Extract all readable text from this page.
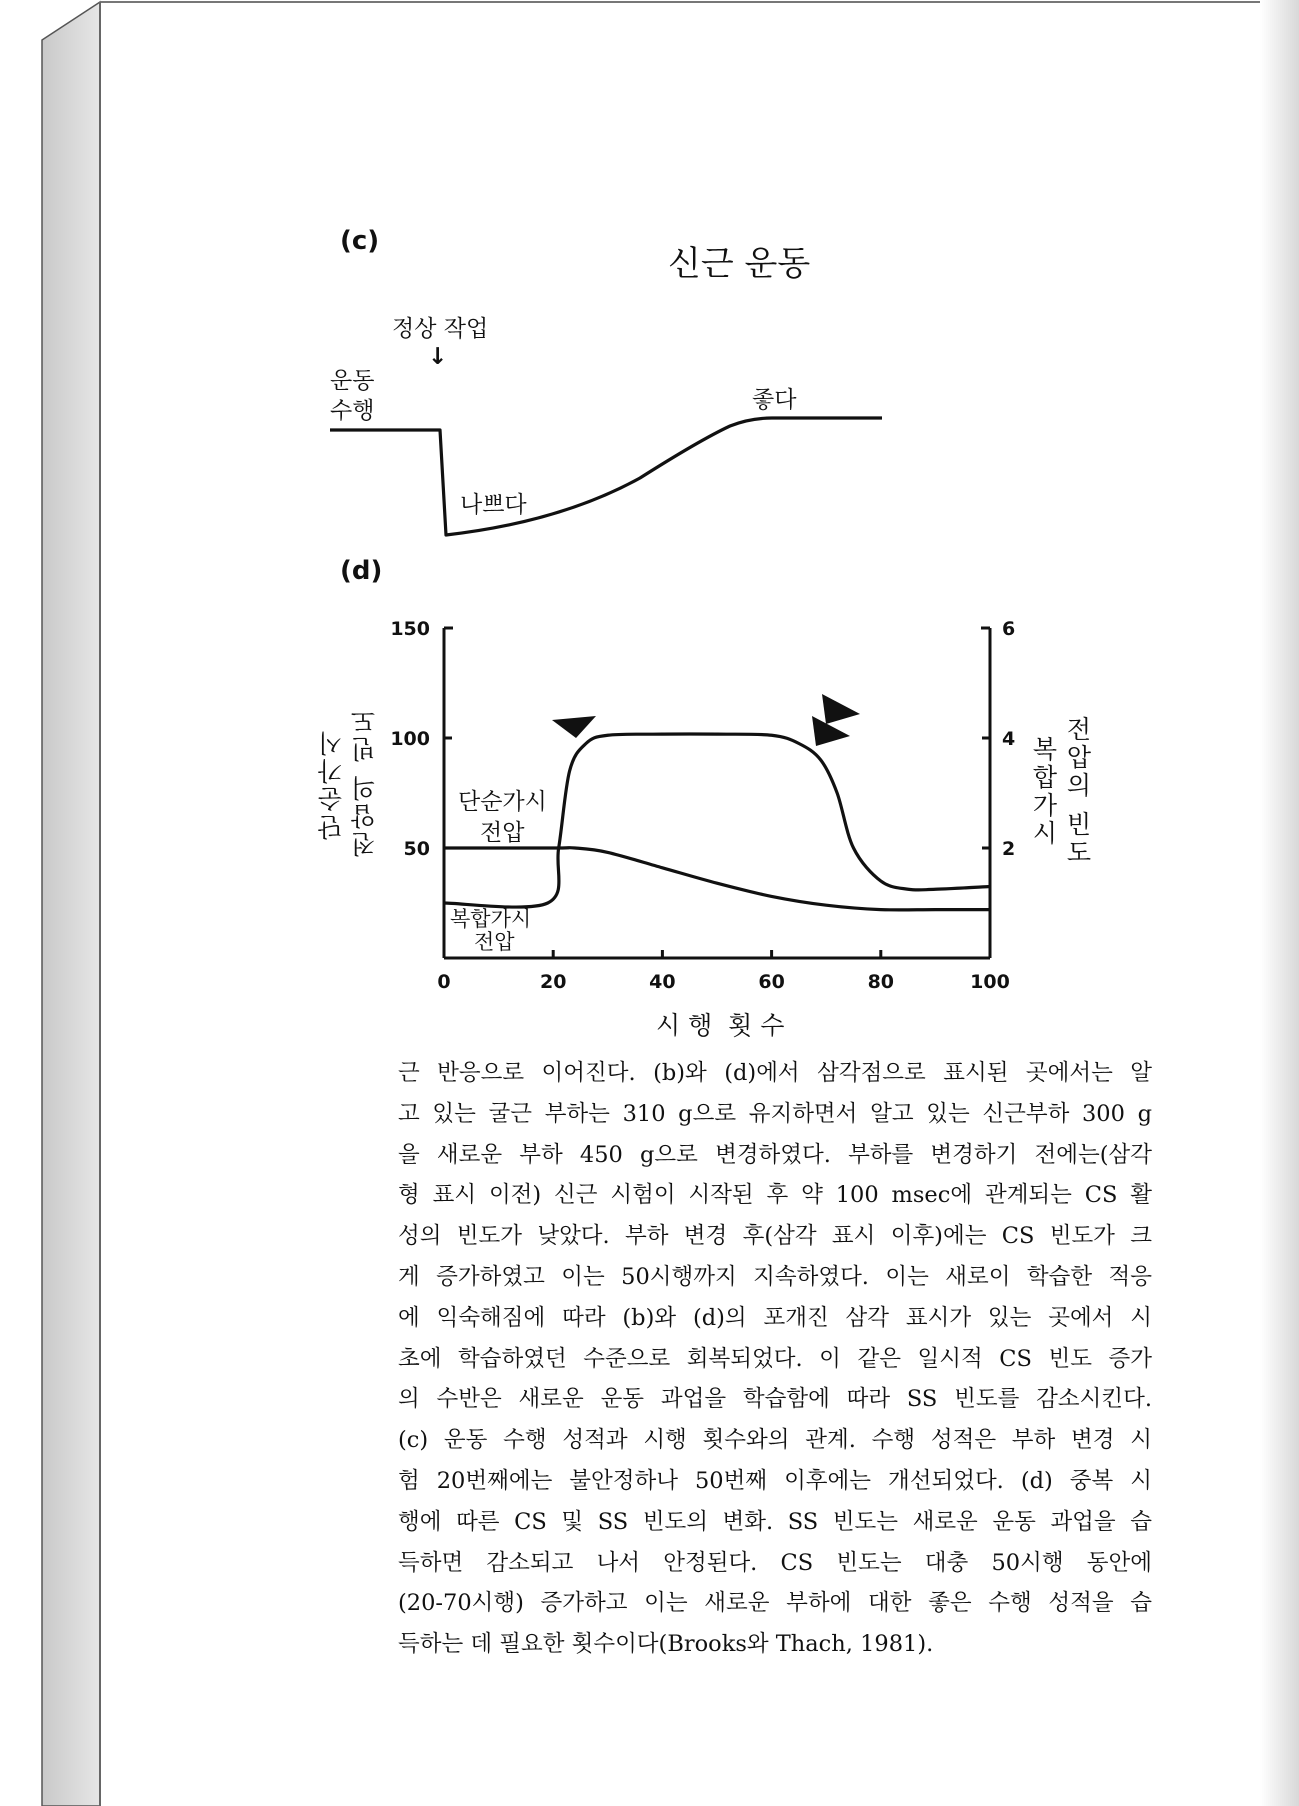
(c)
신근 운동
정상 작업
↓
운동
수행	좋다
나쁘다
(d)
단순가시 전압의 빈도	복합가시 전압의 빈도
단순가시
전압
복합가시
전압
시 행  횟 수
0	20	40	60	80	100
50
100
150
2
4
6
근 반응으로 이어진다. (b)와 (d)에서 삼각점으로 표시된 곳에서는 알
고 있는 굴근 부하는 310 g으로 유지하면서 알고 있는 신근부하 300 g
을 새로운 부하 450 g으로 변경하였다. 부하를 변경하기 전에는(삼각
형 표시 이전) 신근 시험이 시작된 후 약 100 msec에 관계되는 CS 활
성의 빈도가 낮았다. 부하 변경 후(삼각 표시 이후)에는 CS 빈도가 크
게 증가하였고 이는 50시행까지 지속하였다. 이는 새로이 학습한 적응
에 익숙해짐에 따라 (b)와 (d)의 포개진 삼각 표시가 있는 곳에서 시
초에 학습하였던 수준으로 회복되었다. 이 같은 일시적 CS 빈도 증가
의 수반은 새로운 운동 과업을 학습함에 따라 SS 빈도를 감소시킨다.
(c) 운동 수행 성적과 시행 횟수와의 관계. 수행 성적은 부하 변경 시
험 20번째에는 불안정하나 50번째 이후에는 개선되었다. (d) 중복 시
행에 따른 CS 및 SS 빈도의 변화. SS 빈도는 새로운 운동 과업을 습
득하면 감소되고 나서 안정된다. CS 빈도는 대충 50시행 동안에
(20-70시행) 증가하고 이는 새로운 부하에 대한 좋은 수행 성적을 습
득하는 데 필요한 횟수이다(Brooks와 Thach, 1981).
